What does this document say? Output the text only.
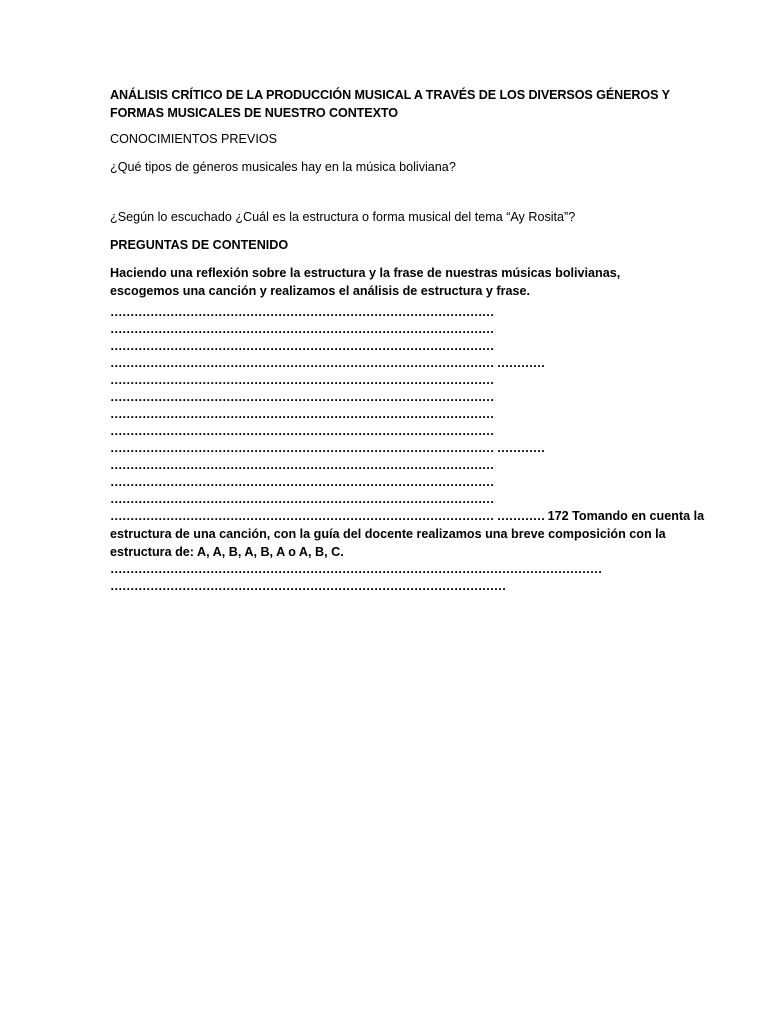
ANÁLISIS CRÍTICO DE LA PRODUCCIÓN MUSICAL A TRAVÉS DE LOS DIVERSOS GÉNEROS Y FORMAS MUSICALES DE NUESTRO CONTEXTO
CONOCIMIENTOS PREVIOS
¿Qué tipos de géneros musicales hay en la música boliviana?
¿Según lo escuchado ¿Cuál es la estructura o forma musical del tema “Ay Rosita”?
PREGUNTAS DE CONTENIDO
Haciendo una reflexión sobre la estructura y la frase de nuestras músicas bolivianas, escogemos una canción y realizamos el análisis de estructura y frase.
……………………………………………………………………………………
……………………………………………………………………………………
……………………………………………………………………………………
…………………………………………………………………………………… …………
……………………………………………………………………………………
……………………………………………………………………………………
……………………………………………………………………………………
……………………………………………………………………………………
…………………………………………………………………………………… …………
……………………………………………………………………………………
……………………………………………………………………………………
……………………………………………………………………………………
…………………………………………………………………………………… ………… 172 Tomando en cuenta la
estructura de una canción, con la guía del docente realizamos una breve composición con la estructura de: A, A, B, A, B, A o A, B, C.
……………………………………………………………………………………………………………
………………………………………………………………………………………
